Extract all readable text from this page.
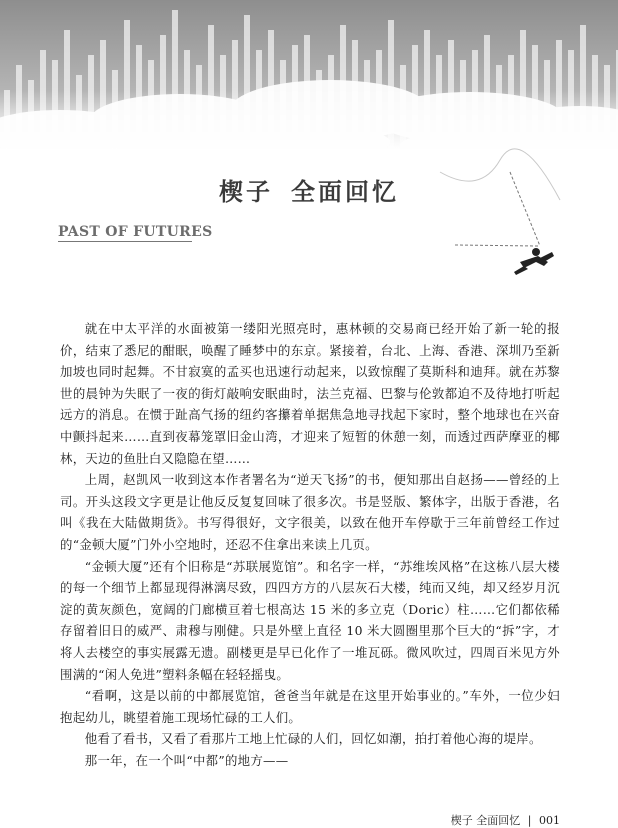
楔子 全面回忆
PAST OF FUTURES

就在中太平洋的水面被第一缕阳光照亮时，惠林顿的交易商已经开始了新一轮的报价，结束了悉尼的酣眠，唤醒了睡梦中的东京。紧接着，台北、上海、香港、深圳乃至新加坡也同时起舞。不甘寂寞的孟买也迅速行动起来，以致惊醒了莫斯科和迪拜。就在苏黎世的晨钟为失眠了一夜的街灯敲响安眠曲时，法兰克福、巴黎与伦敦都迫不及待地打听起远方的消息。在惯于趾高气扬的纽约客攥着单据焦急地寻找起下家时，整个地球也在兴奋中颤抖起来……直到夜幕笼罩旧金山湾，才迎来了短暂的休憩一刻，而透过西萨摩亚的椰林，天边的鱼肚白又隐隐在望……

上周，赵凯风一收到这本作者署名为“逆天飞扬”的书，便知那出自赵扬——曾经的上司。开头这段文字更是让他反反复复回味了很多次。书是竖版、繁体字，出版于香港，名叫《我在大陆做期货》。书写得很好，文字很美，以致在他开车停歇于三年前曾经工作过的“金顿大厦”门外小空地时，还忍不住拿出来读上几页。

“金顿大厦”还有个旧称是“苏联展览馆”。和名字一样，“苏维埃风格”在这栋八层大楼的每一个细节上都显现得淋漓尽致，四四方方的八层灰石大楼，纯而又纯，却又经岁月沉淀的黄灰颜色，宽阔的门廊横亘着七根高达 15 米的多立克（Doric）柱……它们都依稀存留着旧日的威严、肃穆与刚健。只是外壁上直径 10 米大圆圈里那个巨大的“拆”字，才将人去楼空的事实展露无遗。副楼更是早已化作了一堆瓦砾。微风吹过，四周百米见方外围满的“闲人免进”塑料条幅在轻轻摇曳。

“看啊，这是以前的中都展览馆，爸爸当年就是在这里开始事业的。”车外，一位少妇抱起幼儿，眺望着施工现场忙碌的工人们。

他看了看书，又看了看那片工地上忙碌的人们，回忆如潮，拍打着他心海的堤岸。

那一年，在一个叫“中都”的地方——

楔子 全面回忆 | 001
